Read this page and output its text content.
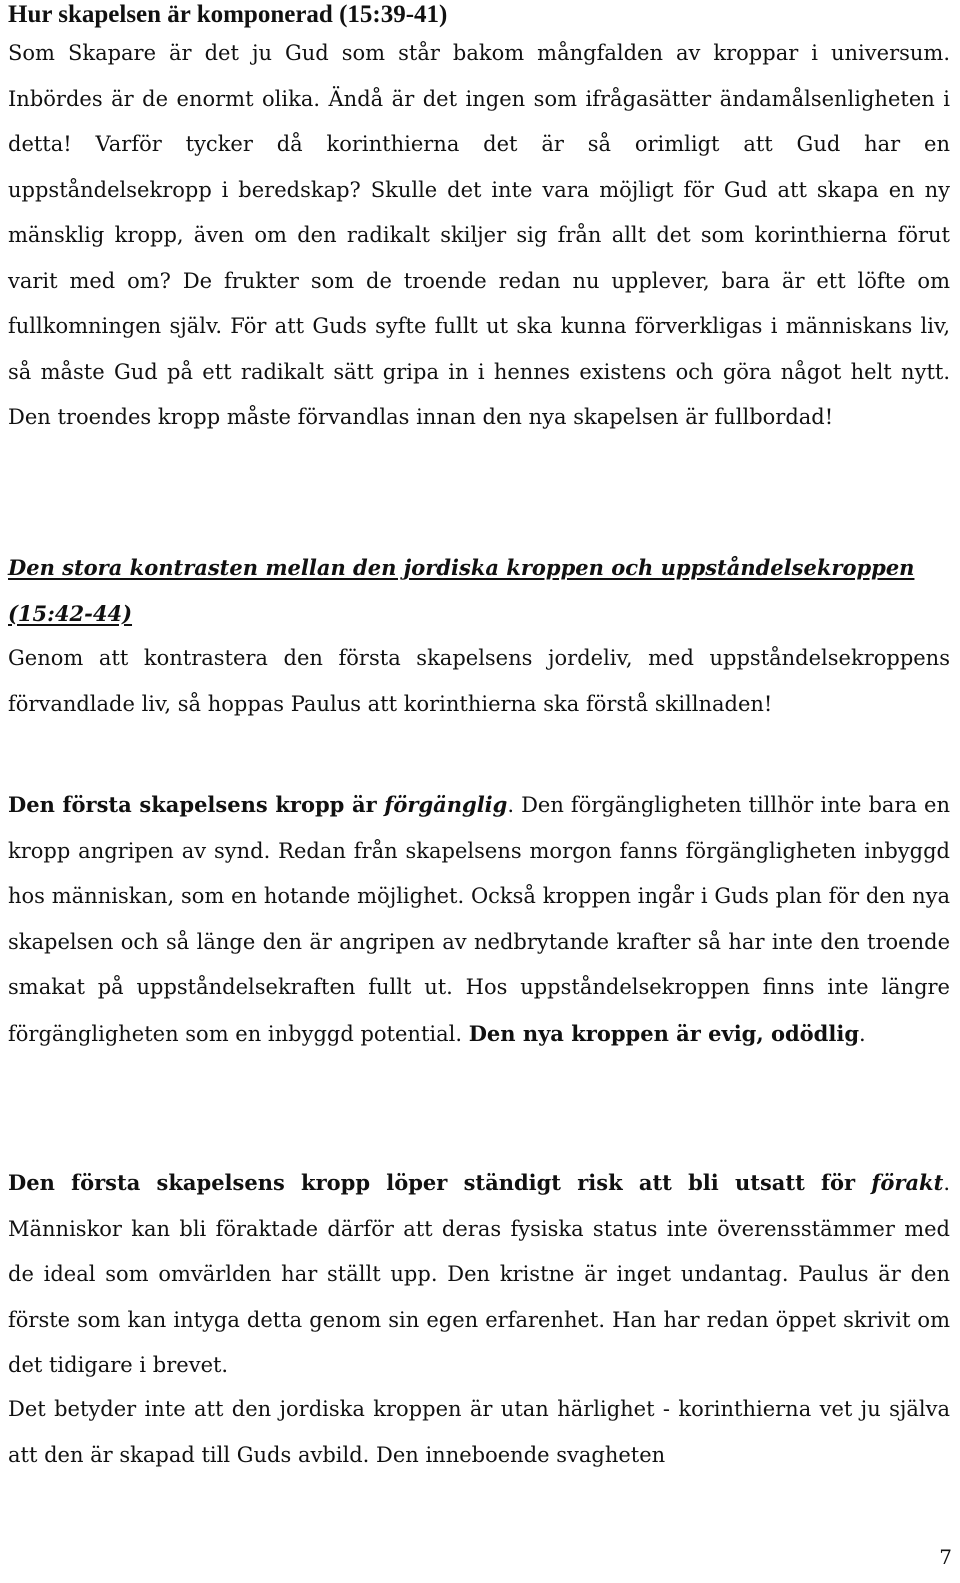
Hur skapelsen är komponerad (15:39-41)

Som Skapare är det ju Gud som står bakom mångfalden av kroppar i universum. Inbördes är de enormt olika. Ändå är det ingen som ifrågasätter ändamålsenligheten i detta! Varför tycker då korinthierna det är så orimligt att Gud har en uppståndelsekropp i beredskap? Skulle det inte vara möjligt för Gud att skapa en ny mänsklig kropp, även om den radikalt skiljer sig från allt det som korinthierna förut varit med om? De frukter som de troende redan nu upplever, bara är ett löfte om fullkomningen själv. För att Guds syfte fullt ut ska kunna förverkligas i människans liv, så måste Gud på ett radikalt sätt gripa in i hennes existens och göra något helt nytt. Den troendes kropp måste förvandlas innan den nya skapelsen är fullbordad!

Den stora kontrasten mellan den jordiska kroppen och uppståndelsekroppen (15:42-44)

Genom att kontrastera den första skapelsens jordeliv, med uppståndelsekroppens förvandlade liv, så hoppas Paulus att korinthierna ska förstå skillnaden!

Den första skapelsens kropp är förgänglig. Den förgängligheten tillhör inte bara en kropp angripen av synd. Redan från skapelsens morgon fanns förgängligheten inbyggd hos människan, som en hotande möjlighet. Också kroppen ingår i Guds plan för den nya skapelsen och så länge den är angripen av nedbrytande krafter så har inte den troende smakat på uppståndelsekraften fullt ut. Hos uppståndelsekroppen finns inte längre förgängligheten som en inbyggd potential. Den nya kroppen är evig, odödlig.

Den första skapelsens kropp löper ständigt risk att bli utsatt för förakt. Människor kan bli föraktade därför att deras fysiska status inte överensstämmer med de ideal som omvärlden har ställt upp. Den kristne är inget undantag. Paulus är den förste som kan intyga detta genom sin egen erfarenhet. Han har redan öppet skrivit om det tidigare i brevet.

Det betyder inte att den jordiska kroppen är utan härlighet - korinthierna vet ju själva att den är skapad till Guds avbild. Den inneboende svagheten

7
